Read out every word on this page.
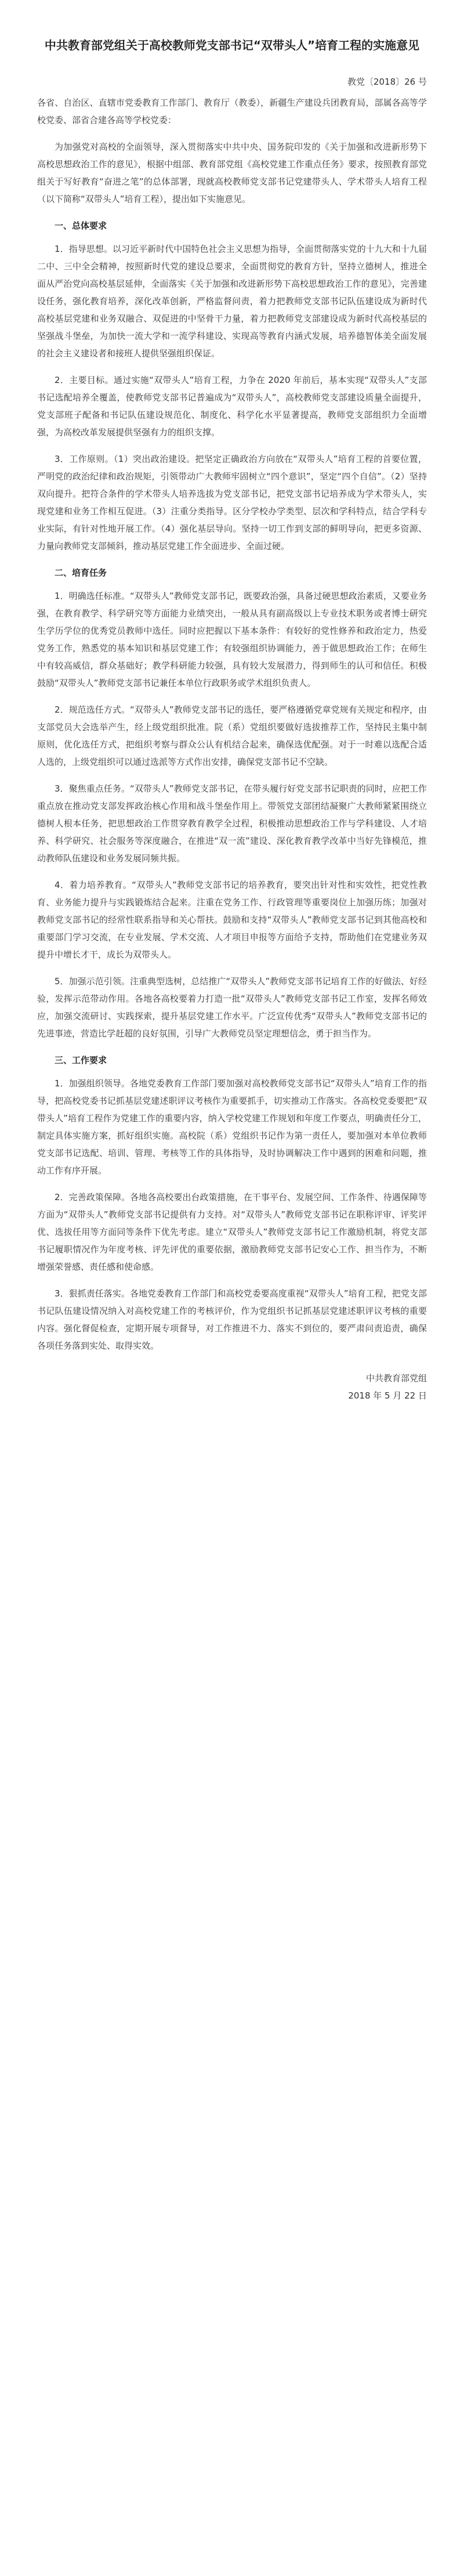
中共教育部党组关于高校教师党支部书记“双带头人”培育工程的实施意见
教党〔2018〕26 号

各省、自治区、直辖市党委教育工作部门、教育厅（教委），新疆生产建设兵团教育局，部属各高等学校党委、部省合建各高等学校党委：

为加强党对高校的全面领导，深入贯彻落实中共中央、国务院印发的《关于加强和改进新形势下高校思想政治工作的意见》，根据中组部、教育部党组《高校党建工作重点任务》要求，按照教育部党组关于写好教育“奋进之笔”的总体部署，现就高校教师党支部书记党建带头人、学术带头人培育工程（以下简称“双带头人”培育工程），提出如下实施意见。

一、总体要求

1．指导思想。以习近平新时代中国特色社会主义思想为指导，全面贯彻落实党的十九大和十九届二中、三中全会精神，按照新时代党的建设总要求，全面贯彻党的教育方针，坚持立德树人，推进全面从严治党向高校基层延伸，全面落实《关于加强和改进新形势下高校思想政治工作的意见》，完善建设任务，强化教育培养，深化改革创新，严格监督问责，着力把教师党支部书记队伍建设成为新时代高校基层党建和业务双融合、双促进的中坚骨干力量，着力把教师党支部建设成为新时代高校基层的坚强战斗堡垒，为加快一流大学和一流学科建设、实现高等教育内涵式发展，培养德智体美全面发展的社会主义建设者和接班人提供坚强组织保证。

2．主要目标。通过实施“双带头人”培育工程，力争在 2020 年前后，基本实现“双带头人”支部书记选配培养全覆盖，使教师党支部书记普遍成为“双带头人”，高校教师党支部建设质量全面提升，党支部班子配备和书记队伍建设规范化、制度化、科学化水平显著提高，教师党支部组织力全面增强，为高校改革发展提供坚强有力的组织支撑。

3．工作原则。（1）突出政治建设。把坚定正确政治方向放在“双带头人”培育工程的首要位置，严明党的政治纪律和政治规矩，引领带动广大教师牢固树立“四个意识”，坚定“四个自信”。（2）坚持双向提升。把符合条件的学术带头人培养选拔为党支部书记，把党支部书记培养成为学术带头人，实现党建和业务工作相互促进。（3）注重分类指导。区分学校办学类型、层次和学科特点，结合学科专业实际，有针对性地开展工作。（4）强化基层导向。坚持一切工作到支部的鲜明导向，把更多资源、力量向教师党支部倾斜，推动基层党建工作全面进步、全面过硬。

二、培育任务

1．明确选任标准。“双带头人”教师党支部书记，既要政治强，具备过硬思想政治素质，又要业务强，在教育教学、科学研究等方面能力业绩突出，一般从具有副高级以上专业技术职务或者博士研究生学历学位的优秀党员教师中选任。同时应把握以下基本条件：有较好的党性修养和政治定力，热爱党务工作，熟悉党的基本知识和基层党建工作；有较强组织协调能力，善于做思想政治工作；在师生中有较高威信，群众基础好；教学科研能力较强，具有较大发展潜力，得到师生的认可和信任。积极鼓励“双带头人”教师党支部书记兼任本单位行政职务或学术组织负责人。

2．规范选任方式。“双带头人”教师党支部书记的选任，要严格遵循党章党规有关规定和程序，由支部党员大会选举产生，经上级党组织批准。院（系）党组织要做好选拔推荐工作，坚持民主集中制原则，优化选任方式，把组织考察与群众公认有机结合起来，确保选优配强。对于一时难以选配合适人选的，上级党组织可以通过选派等方式作出安排，确保党支部书记不空缺。

3．聚焦重点任务。“双带头人”教师党支部书记，在带头履行好党支部书记职责的同时，应把工作重点放在推动党支部发挥政治核心作用和战斗堡垒作用上。带领党支部团结凝聚广大教师紧紧围绕立德树人根本任务，把思想政治工作贯穿教育教学全过程，积极推动思想政治工作与学科建设、人才培养、科学研究、社会服务等深度融合，在推进“双一流”建设、深化教育教学改革中当好先锋模范，推动教师队伍建设和业务发展同频共振。

4．着力培养教育。“双带头人”教师党支部书记的培养教育，要突出针对性和实效性，把党性教育、业务能力提升与实践锻炼结合起来。注重在党务工作、行政管理等重要岗位上加强历练；加强对教师党支部书记的经常性联系指导和关心帮扶。鼓励和支持“双带头人”教师党支部书记到其他高校和重要部门学习交流，在专业发展、学术交流、人才项目申报等方面给予支持，帮助他们在党建业务双提升中增长才干，成长为双带头人。

5．加强示范引领。注重典型选树，总结推广“双带头人”教师党支部书记培育工作的好做法、好经验，发挥示范带动作用。各地各高校要着力打造一批“双带头人”教师党支部书记工作室，发挥名师效应，加强交流研讨、实践探索，提升基层党建工作水平。广泛宣传优秀“双带头人”教师党支部书记的先进事迹，营造比学赶超的良好氛围，引导广大教师党员坚定理想信念，勇于担当作为。

三、工作要求

1．加强组织领导。各地党委教育工作部门要加强对高校教师党支部书记“双带头人”培育工作的指导，把高校党委书记抓基层党建述职评议考核作为重要抓手，切实推动工作落实。各高校党委要把“双带头人”培育工程作为党建工作的重要内容，纳入学校党建工作规划和年度工作要点，明确责任分工，制定具体实施方案，抓好组织实施。高校院（系）党组织书记作为第一责任人，要加强对本单位教师党支部书记选配、培训、管理、考核等工作的具体指导，及时协调解决工作中遇到的困难和问题，推动工作有序开展。

2．完善政策保障。各地各高校要出台政策措施，在干事平台、发展空间、工作条件、待遇保障等方面为“双带头人”教师党支部书记提供有力支持。对“双带头人”教师党支部书记在职称评审、评奖评优、选拔任用等方面同等条件下优先考虑。建立“双带头人”教师党支部书记工作激励机制，将党支部书记履职情况作为年度考核、评先评优的重要依据，激励教师党支部书记安心工作、担当作为，不断增强荣誉感、责任感和使命感。

3．狠抓责任落实。各地党委教育工作部门和高校党委要高度重视“双带头人”培育工程，把党支部书记队伍建设情况纳入对高校党建工作的考核评价，作为党组织书记抓基层党建述职评议考核的重要内容。强化督促检查，定期开展专项督导，对工作推进不力、落实不到位的，要严肃问责追责，确保各项任务落到实处、取得实效。

中共教育部党组

2018 年 5 月 22 日
